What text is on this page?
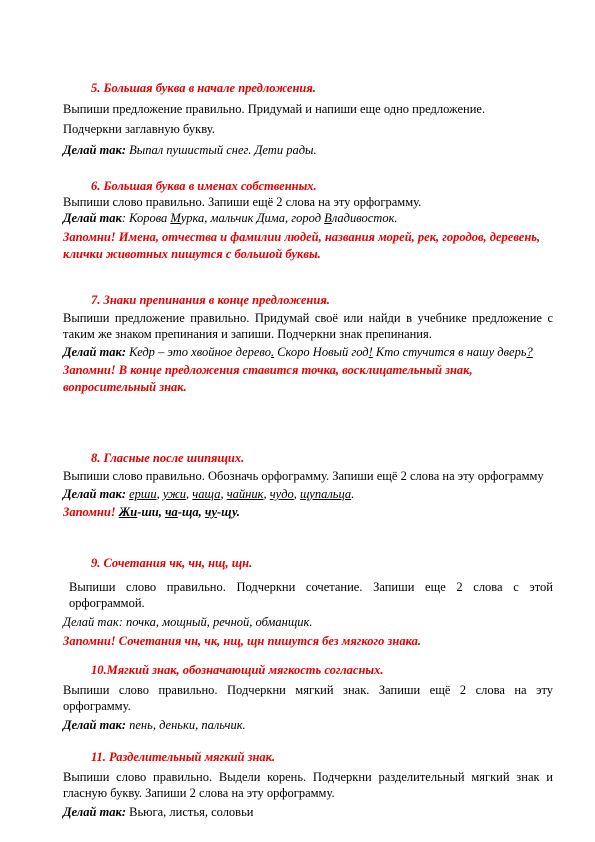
5. Большая буква в начале предложения.
Выпиши предложение правильно. Придумай и напиши еще одно предложение.
Подчеркни заглавную букву.
Делай так: Выпал пушистый снег. Дети рады.
6. Большая буква в именах собственных.
Выпиши слово правильно. Запиши ещё 2 слова на эту орфограмму.
Делай так: Корова Мурка, мальчик Дима, город Владивосток.
Запомни! Имена, отчества и фамилии людей, названия морей, рек, городов, деревень, клички животных пишутся с большой буквы.
7. Знаки препинания в конце предложения.
Выпиши предложение правильно. Придумай своё или найди в учебнике предложение с таким же знаком препинания и запиши. Подчеркни знак препинания.
Делай так: Кедр – это хвойное дерево. Скоро Новый год! Кто стучится в нашу дверь?
Запомни! В конце предложения ставится точка, восклицательный знак, вопросительный знак.
8. Гласные после шипящих.
Выпиши слово правильно. Обозначь орфограмму. Запиши ещё 2 слова на эту орфограмму
Делай так: ерши, ужи, чаща, чайник, чудо, щупальца.
Запомни! Жи-ши, ча-ща, чу-щу.
9. Сочетания чк, чн, нщ, щн.
Выпиши слово правильно. Подчеркни сочетание. Запиши еще 2 слова с этой орфограммой.
Делай так: почка, мощный, речной, обманщик.
Запомни! Сочетания чн, чк, нщ, щн пишутся без мягкого знака.
10.Мягкий знак, обозначающий мягкость согласных.
Выпиши слово правильно. Подчеркни мягкий знак. Запиши ещё 2 слова на эту орфограмму.
Делай так: пень, деньки, пальчик.
11. Разделительный мягкий знак.
Выпиши слово правильно. Выдели корень. Подчеркни разделительный мягкий знак и гласную букву. Запиши 2 слова на эту орфограмму.
Делай так: Вьюга, листья, соловьи
